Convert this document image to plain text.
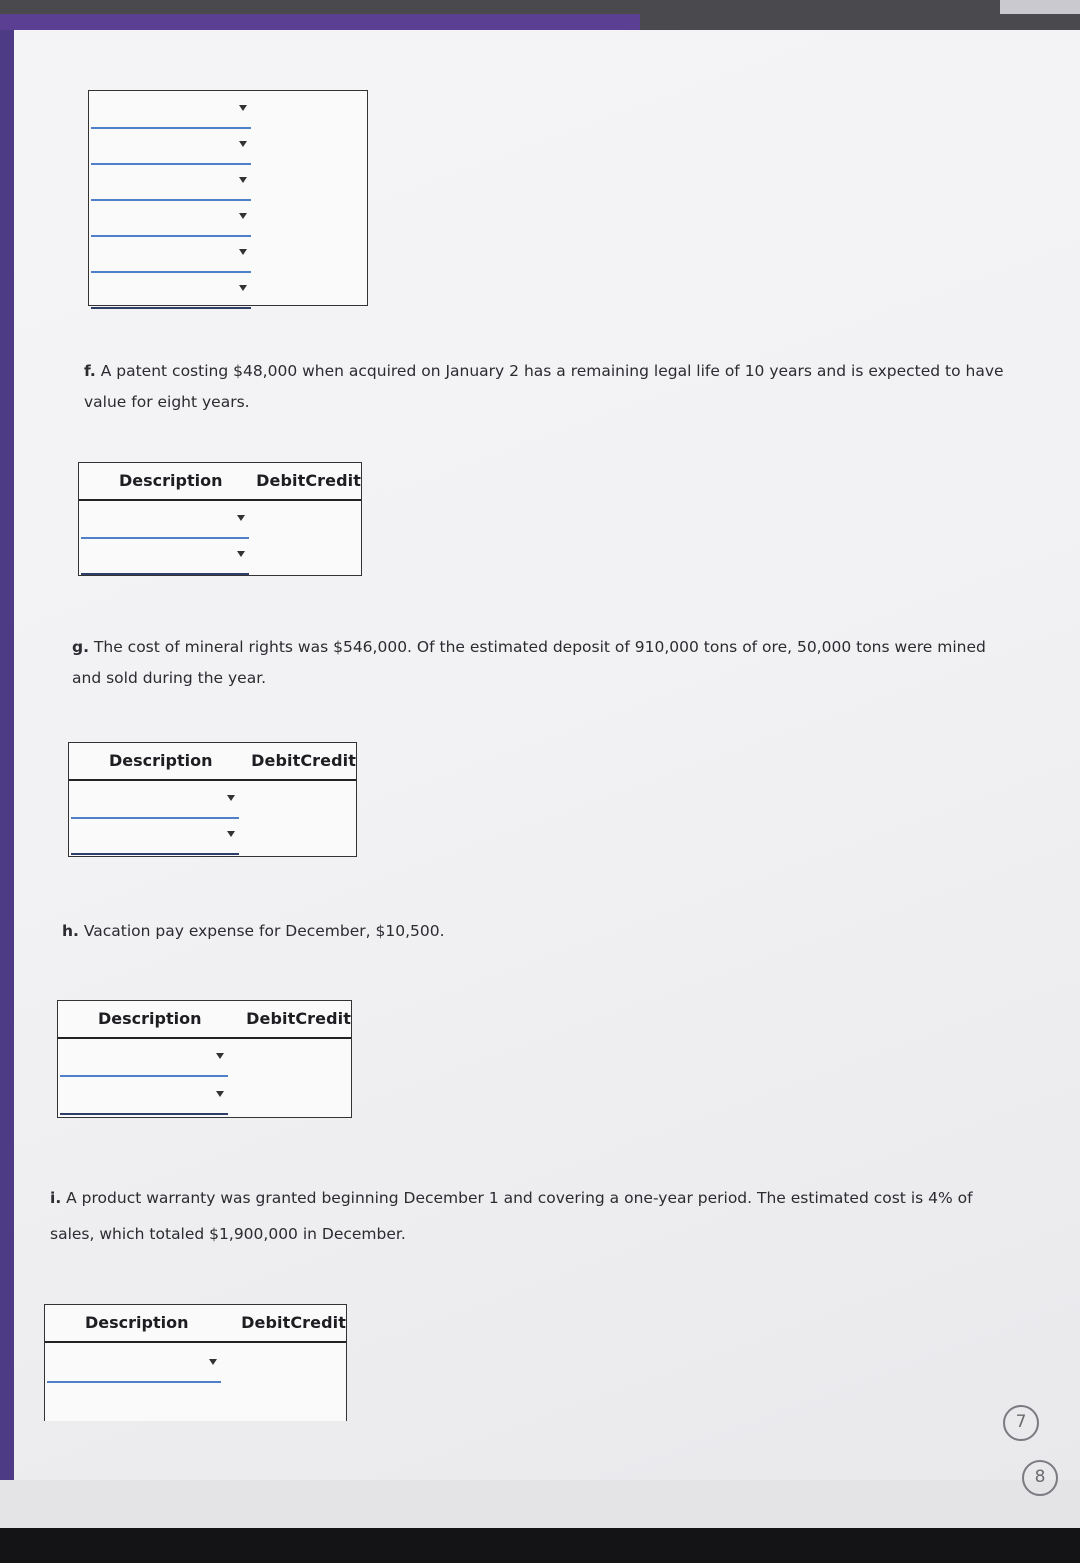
f. A patent costing $48,000 when acquired on January 2 has a remaining legal life of 10 years and is expected to have
value for eight years.
Description DebitCredit
g. The cost of mineral rights was $546,000. Of the estimated deposit of 910,000 tons of ore, 50,000 tons were mined
and sold during the year.
Description DebitCredit
h. Vacation pay expense for December, $10,500.
Description	DebitCredit
i. A product warranty was granted beginning December 1 and covering a one-year period. The estimated cost is 4% of
sales, which totaled $1,900,000 in December.
Description	DebitCredit
7
8
